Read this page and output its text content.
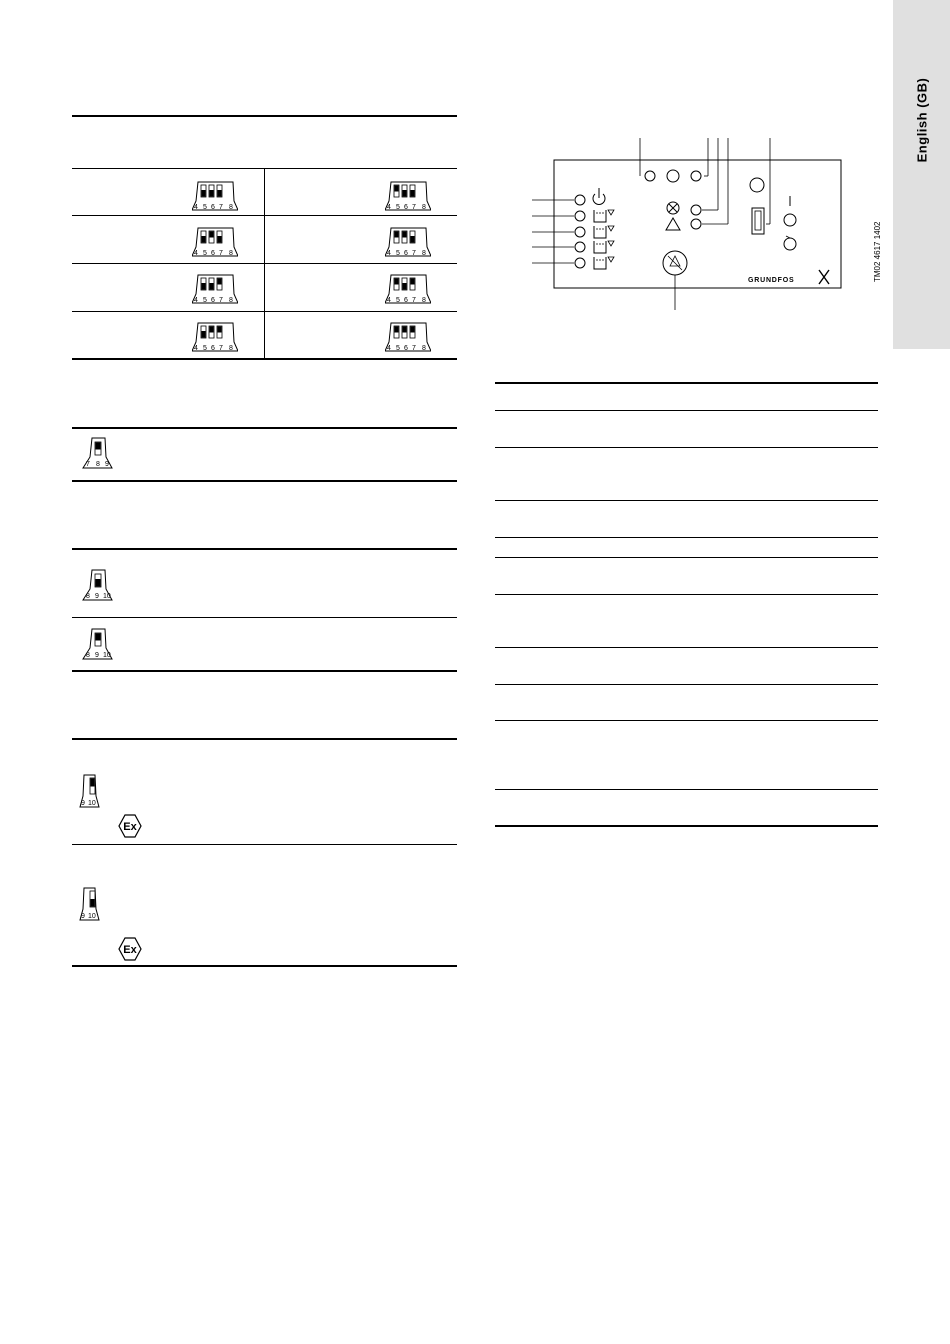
English (GB)
4 5 6 7 8	4 5 6 7 8
4 5 6 7 8	4 5 6 7 8
4 5 6 7 8	4 5 6 7 8
4 5 6 7 8	4 5 6 7 8
7 8 9
8 9 10
8 9 10
9 10
Ex
9 10
Ex
GRUNDFOS	TM02 4617 1402
